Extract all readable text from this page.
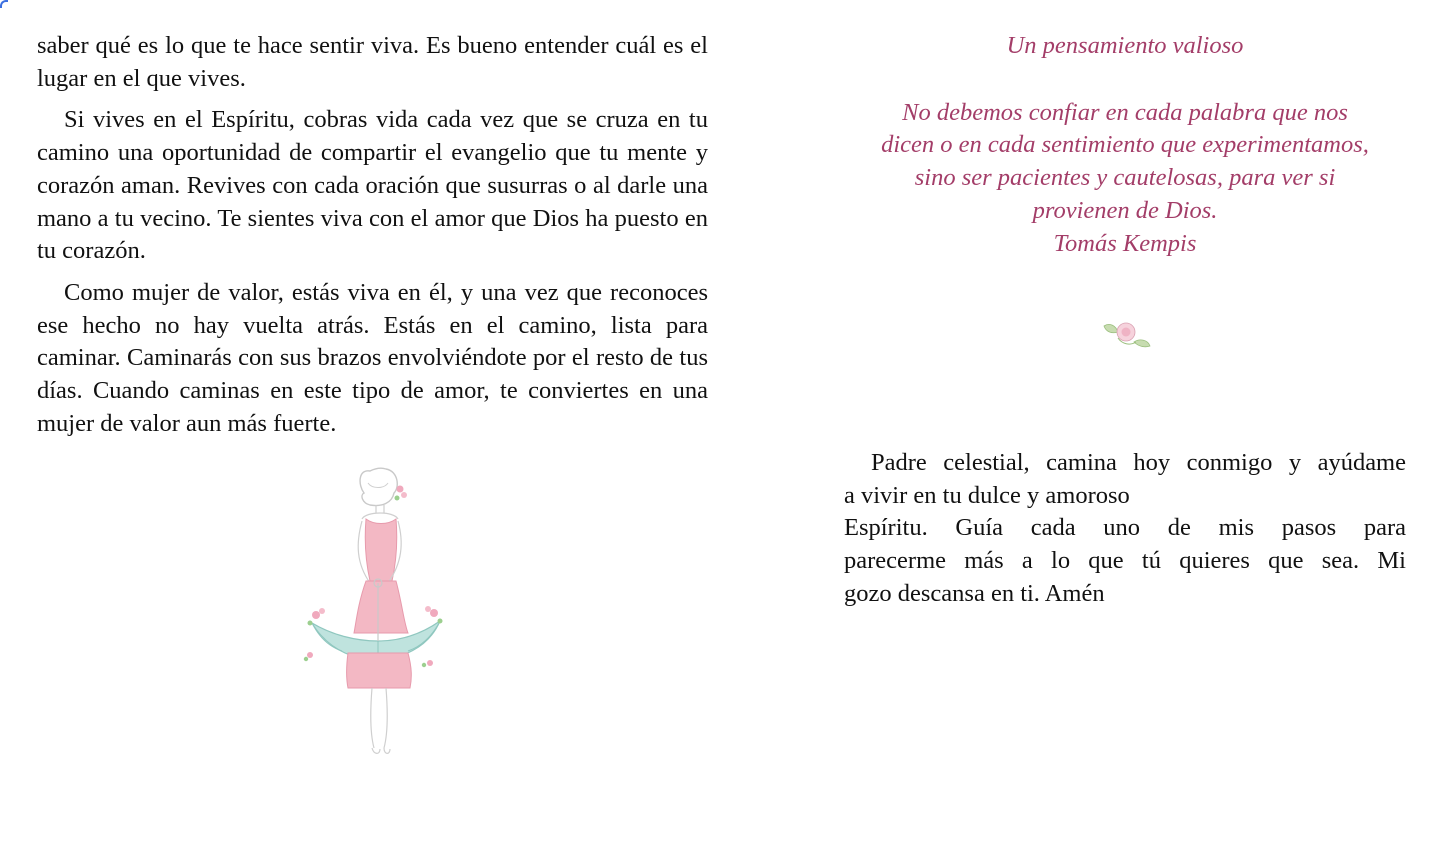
saber qué es lo que te hace sentir viva. Es bueno entender cuál es el lugar en el que vives.

Si vives en el Espíritu, cobras vida cada vez que se cruza en tu camino una oportunidad de compartir el evangelio que tu mente y corazón aman. Revives con cada oración que susurras o al darle una mano a tu vecino. Te sientes viva con el amor que Dios ha puesto en tu corazón.

Como mujer de valor, estás viva en él, y una vez que reconoces ese hecho no hay vuelta atrás. Estás en el camino, lista para caminar. Caminarás con sus brazos envolviéndote por el resto de tus días. Cuando caminas en este tipo de amor, te conviertes en una mujer de valor aun más fuerte.

Un pensamiento valioso

No debemos confiar en cada palabra que nos

dicen o en cada sentimiento que experimentamos,

sino ser pacientes y cautelosas, para ver si

provienen de Dios.

Tomás Kempis

Padre celestial, camina hoy conmigo y ayúdame

a vivir en tu dulce y amoroso

Espíritu. Guía cada uno de mis pasos para

parecerme más a lo que tú quieres que sea. Mi

gozo descansa en ti. Amén
